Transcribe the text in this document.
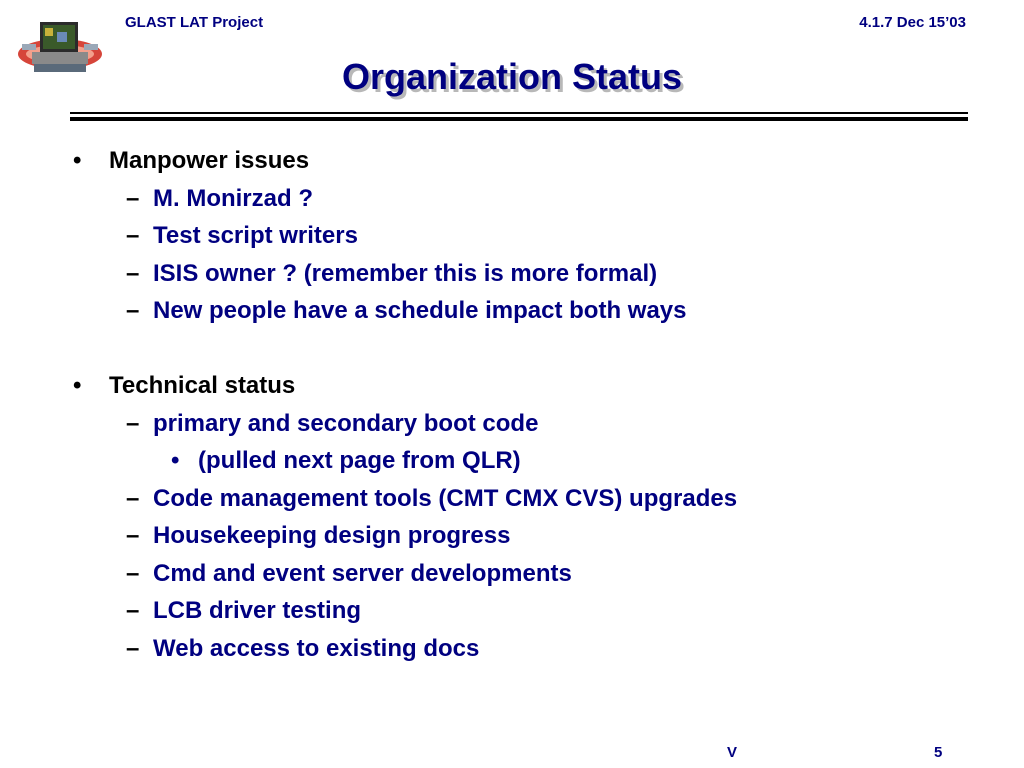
GLAST LAT Project	4.1.7 Dec 15’03
Organization Status
• Manpower issues
– M. Monirzad ?
– Test script writers
– ISIS owner ? (remember this is more formal)
– New people have a schedule impact both ways
• Technical status
– primary and secondary boot code
• (pulled next page from QLR)
– Code management tools (CMT CMX CVS) upgrades
– Housekeeping design progress
– Cmd and event server developments
– LCB driver testing
– Web access to existing docs
V	5
